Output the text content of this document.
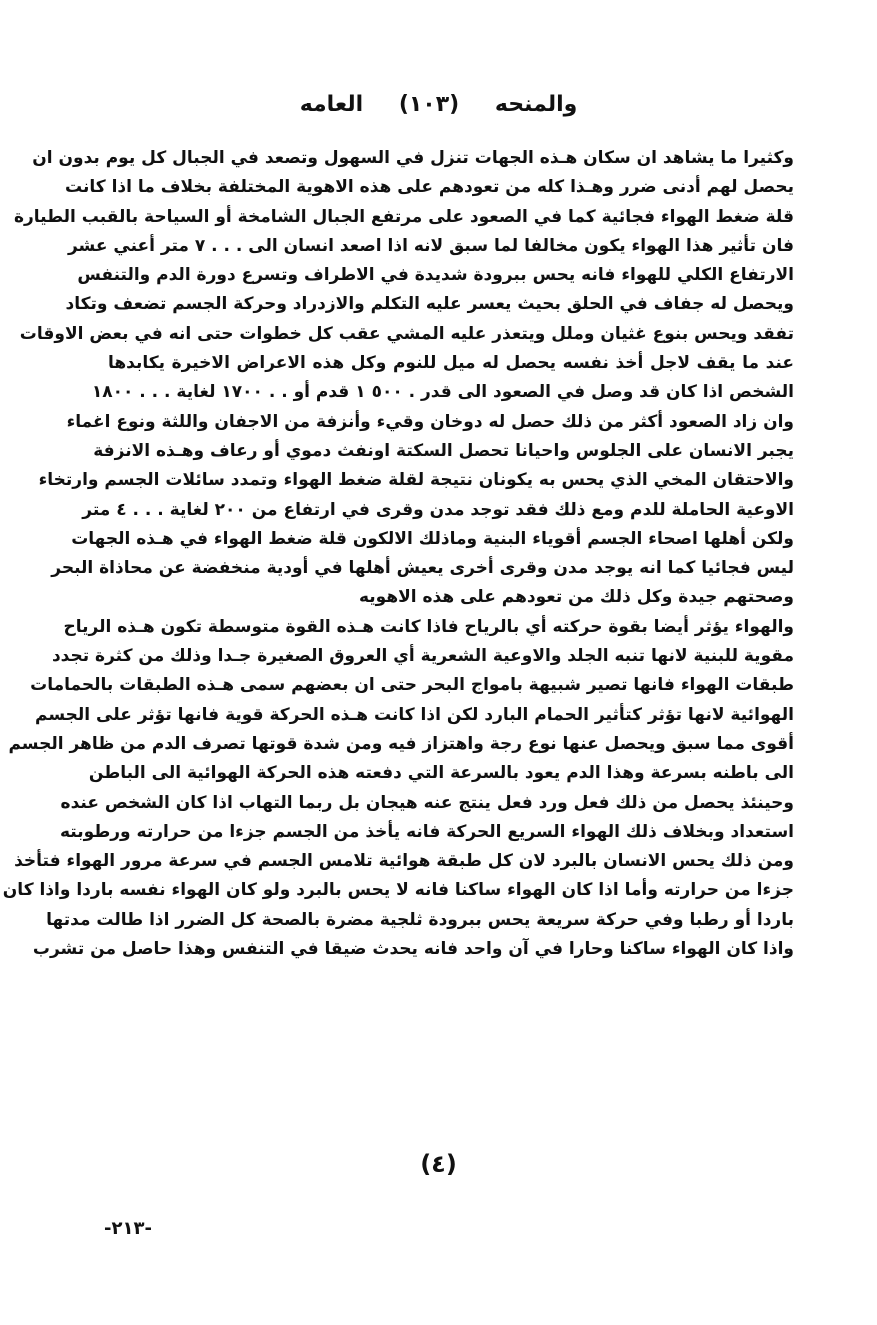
والمنحه (١٠٣) العامه
وكثيرا ما يشاهد ان سكان هـذه الجهات تنزل في السهول وتصعد في الجبال كل يوم بدون ان
يحصل لهم أدنى ضرر وهـذا كله من تعودهم على هذه الاهوية المختلفة بخلاف ما اذا كانت
قلة ضغط الهواء فجائية كما في الصعود على مرتفع الجبال الشامخة أو السياحة بالقبب الطيارة
فان تأثير هذا الهواء يكون مخالفا لما سبق لانه اذا اصعد انسان الى . . . ٧ متر أعني عشر
الارتفاع الكلي للهواء فانه يحس ببرودة شديدة في الاطراف وتسرع دورة الدم والتنفس
ويحصل له جفاف في الحلق بحيث يعسر عليه التكلم والازدراد وحركة الجسم تضعف وتكاد
تفقد ويحس بنوع غثيان وملل ويتعذر عليه المشي عقب كل خطوات حتى انه في بعض الاوقات
عند ما يقف لاجل أخذ نفسه يحصل له ميل للنوم وكل هذه الاعراض الاخيرة يكابدها
الشخص اذا كان قد وصل في الصعود الى قدر . ٥٠٠ ١ قدم أو . . ١٧٠٠ لغاية . . . ١٨٠٠
وان زاد الصعود أكثر من ذلك حصل له دوخان وقيء وأنزفة من الاجفان واللثة ونوع اغماء
يجبر الانسان على الجلوس واحيانا تحصل السكتة اونفث دموي أو رعاف وهـذه الانزفة
والاحتقان المخي الذي يحس به يكونان نتيجة لقلة ضغط الهواء وتمدد سائلات الجسم وارتخاء
الاوعية الحاملة للدم ومع ذلك فقد توجد مدن وقرى في ارتفاع من ٢٠٠ لغاية . . . ٤ متر
ولكن أهلها اصحاء الجسم أقوياء البنية وماذلك الالكون قلة ضغط الهواء في هـذه الجهات
ليس فجائيا كما انه يوجد مدن وقرى أخرى يعيش أهلها في أودية منخفضة عن محاذاة البحر
وصحتهم جيدة وكل ذلك من تعودهم على هذه الاهويه
والهواء يؤثر أيضا بقوة حركته أي بالرياح فاذا كانت هـذه القوة متوسطة تكون هـذه الرياح
مقوية للبنية لانها تنبه الجلد والاوعية الشعرية أي العروق الصغيرة جـدا وذلك من كثرة تجدد
طبقات الهواء فانها تصير شبيهة بامواج البحر حتى ان بعضهم سمى هـذه الطبقات بالحمامات
الهوائية لانها تؤثر كتأثير الحمام البارد لكن اذا كانت هـذه الحركة قوية فانها تؤثر على الجسم
أقوى مما سبق ويحصل عنها نوع رجة واهتزاز فيه ومن شدة قوتها تصرف الدم من ظاهر الجسم
الى باطنه بسرعة وهذا الدم يعود بالسرعة التي دفعته هذه الحركة الهوائية الى الباطن
وحينئذ يحصل من ذلك فعل ورد فعل ينتج عنه هيجان بل ربما التهاب اذا كان الشخص عنده
استعداد وبخلاف ذلك الهواء السريع الحركة فانه يأخذ من الجسم جزءا من حرارته ورطوبته
ومن ذلك يحس الانسان بالبرد لان كل طبقة هوائية تلامس الجسم في سرعة مرور الهواء فتأخذ
جزءا من حرارته وأما اذا كان الهواء ساكنا فانه لا يحس بالبرد ولو كان الهواء نفسه باردا واذا كان
باردا أو رطبا وفي حركة سريعة يحس ببرودة ثلجية مضرة بالصحة كل الضرر اذا طالت مدتها
واذا كان الهواء ساكنا وحارا في آن واحد فانه يحدث ضيقا في التنفس وهذا حاصل من تشرب
(٤)
-٢١٣-
